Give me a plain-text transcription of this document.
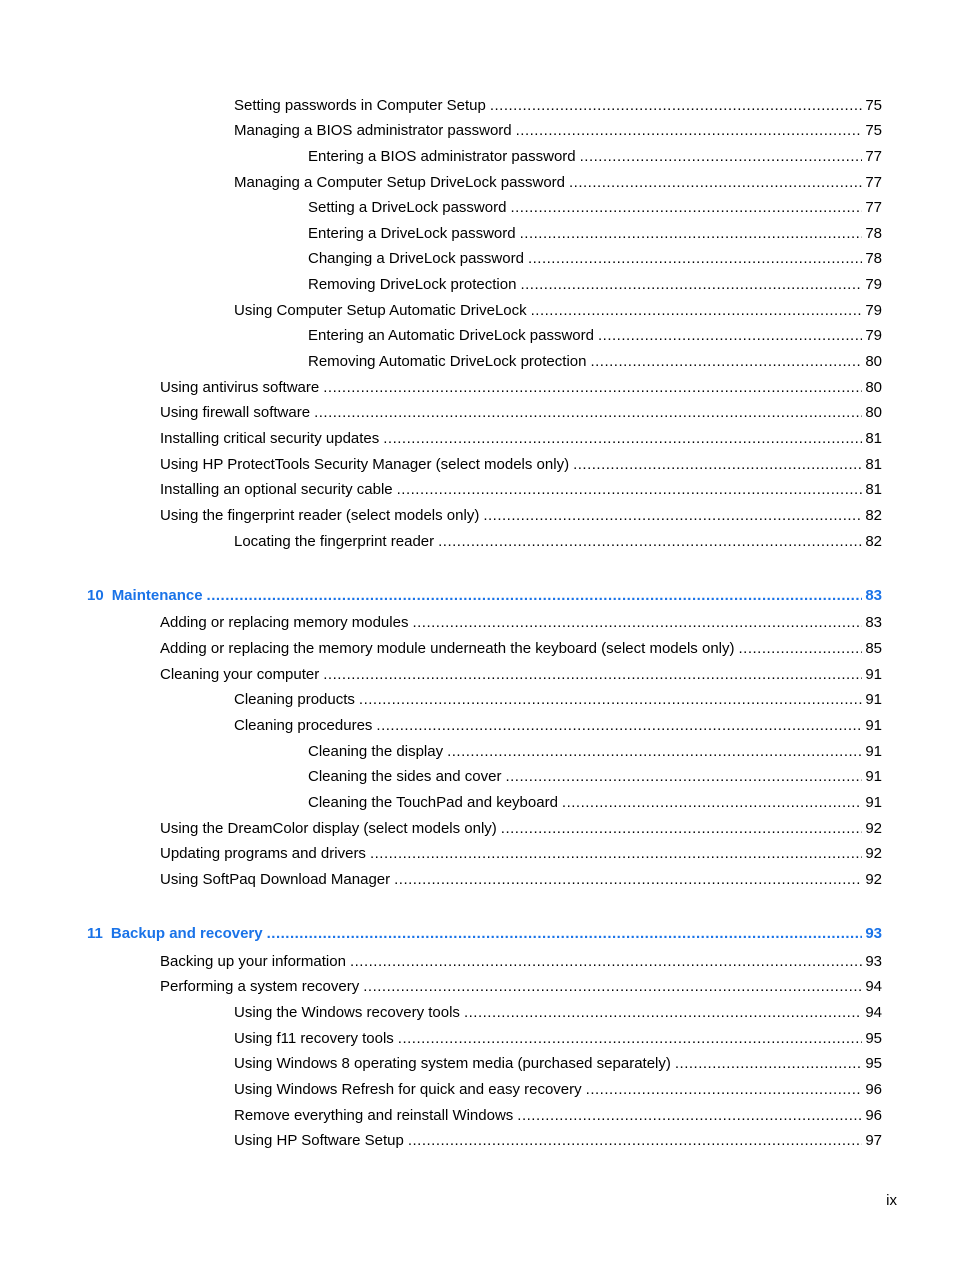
Setting passwords in Computer Setup .....	75
Managing a BIOS administrator password .....	75
Entering a BIOS administrator password .....	77
Managing a Computer Setup DriveLock password .....	77
Setting a DriveLock password .....	77
Entering a DriveLock password .....	78
Changing a DriveLock password .....	78
Removing DriveLock protection .....	79
Using Computer Setup Automatic DriveLock .....	79
Entering an Automatic DriveLock password .....	79
Removing Automatic DriveLock protection .....	80
Using antivirus software .....	80
Using firewall software .....	80
Installing critical security updates .....	81
Using HP ProtectTools Security Manager (select models only) .....	81
Installing an optional security cable .....	81
Using the fingerprint reader (select models only) .....	82
Locating the fingerprint reader .....	82
10 Maintenance .....	83
Adding or replacing memory modules .....	83
Adding or replacing the memory module underneath the keyboard (select models only) .....	85
Cleaning your computer .....	91
Cleaning products .....	91
Cleaning procedures .....	91
Cleaning the display .....	91
Cleaning the sides and cover .....	91
Cleaning the TouchPad and keyboard .....	91
Using the DreamColor display (select models only) .....	92
Updating programs and drivers .....	92
Using SoftPaq Download Manager .....	92
11 Backup and recovery .....	93
Backing up your information .....	93
Performing a system recovery .....	94
Using the Windows recovery tools .....	94
Using f11 recovery tools .....	95
Using Windows 8 operating system media (purchased separately) .....	95
Using Windows Refresh for quick and easy recovery .....	96
Remove everything and reinstall Windows .....	96
Using HP Software Setup .....	97
ix
